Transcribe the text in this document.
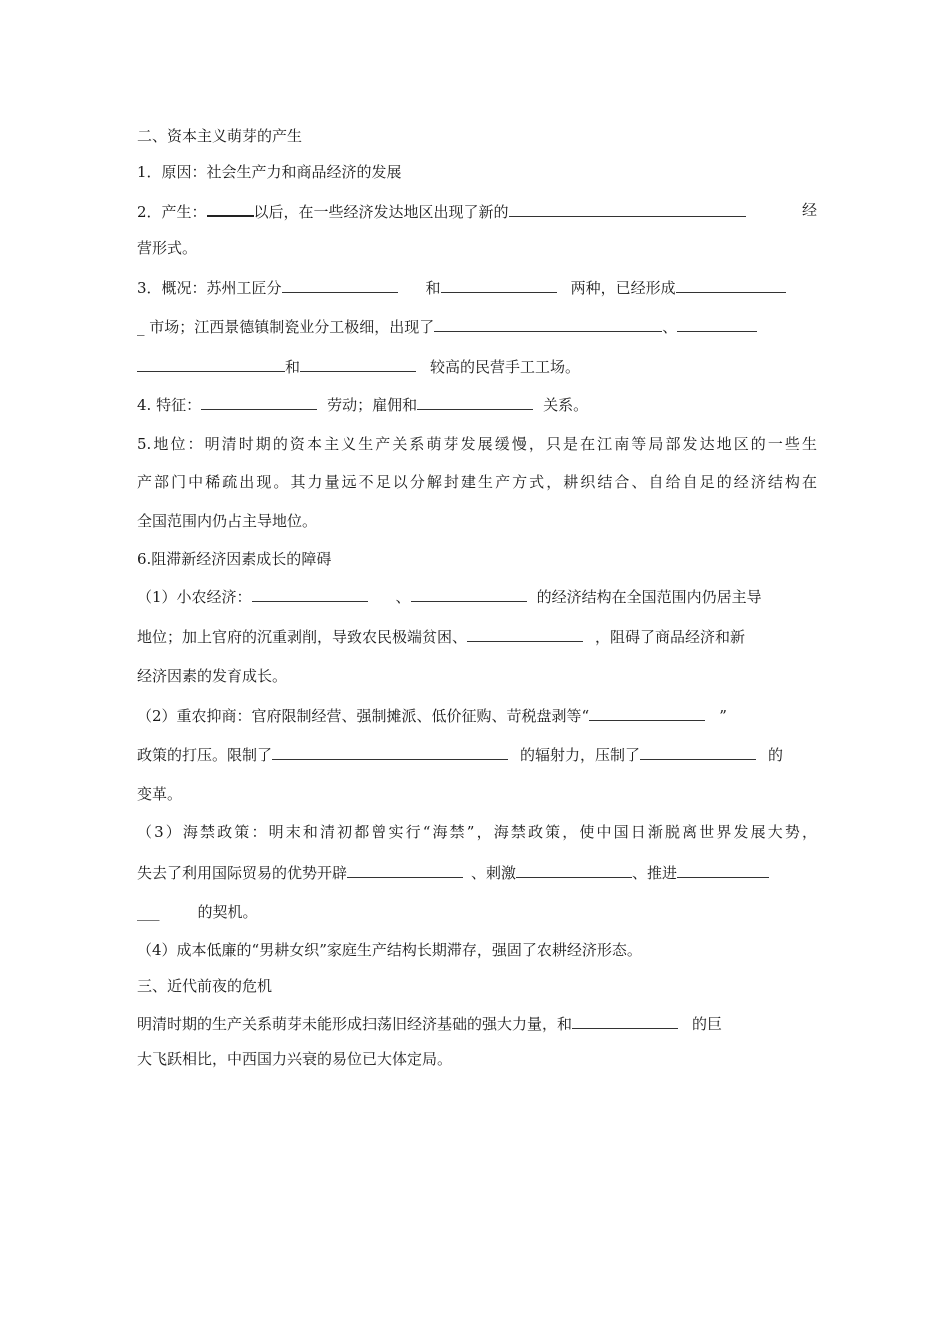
二、资本主义萌芽的产生
1．原因：社会生产力和商品经济的发展
2．产生：	以后，在一些经济发达地区出现了新的	经
营形式。
3．概况：苏州工匠分	和	两种，已经形成
_ 市场；江西景德镇制瓷业分工极细，出现了	、
和	较高的民营手工工场。
4. 特征：	劳动；雇佣和	关系。
5.地位：明清时期的资本主义生产关系萌芽发展缓慢，只是在江南等局部发达地区的一些生
产部门中稀疏出现。其力量远不足以分解封建生产方式，耕织结合、自给自足的经济结构在
全国范围内仍占主导地位。
6.阻滞新经济因素成长的障碍
（1）小农经济：	、	的经济结构在全国范围内仍居主导
地位；加上官府的沉重剥削，导致农民极端贫困、	，阻碍了商品经济和新
经济因素的发育成长。
（2）重农抑商：官府限制经营、强制摊派、低价征购、苛税盘剥等“	”
政策的打压。限制了	的辐射力，压制了	的
变革。
（3）海禁政策：明末和清初都曾实行“海禁”，海禁政策，使中国日渐脱离世界发展大势，
失去了利用国际贸易的优势开辟	、刺激	、推进
___	的契机。
（4）成本低廉的“男耕女织”家庭生产结构长期滞存，强固了农耕经济形态。
三、近代前夜的危机
明清时期的生产关系萌芽未能形成扫荡旧经济基础的强大力量，和	的巨
大飞跃相比，中西国力兴衰的易位已大体定局。
